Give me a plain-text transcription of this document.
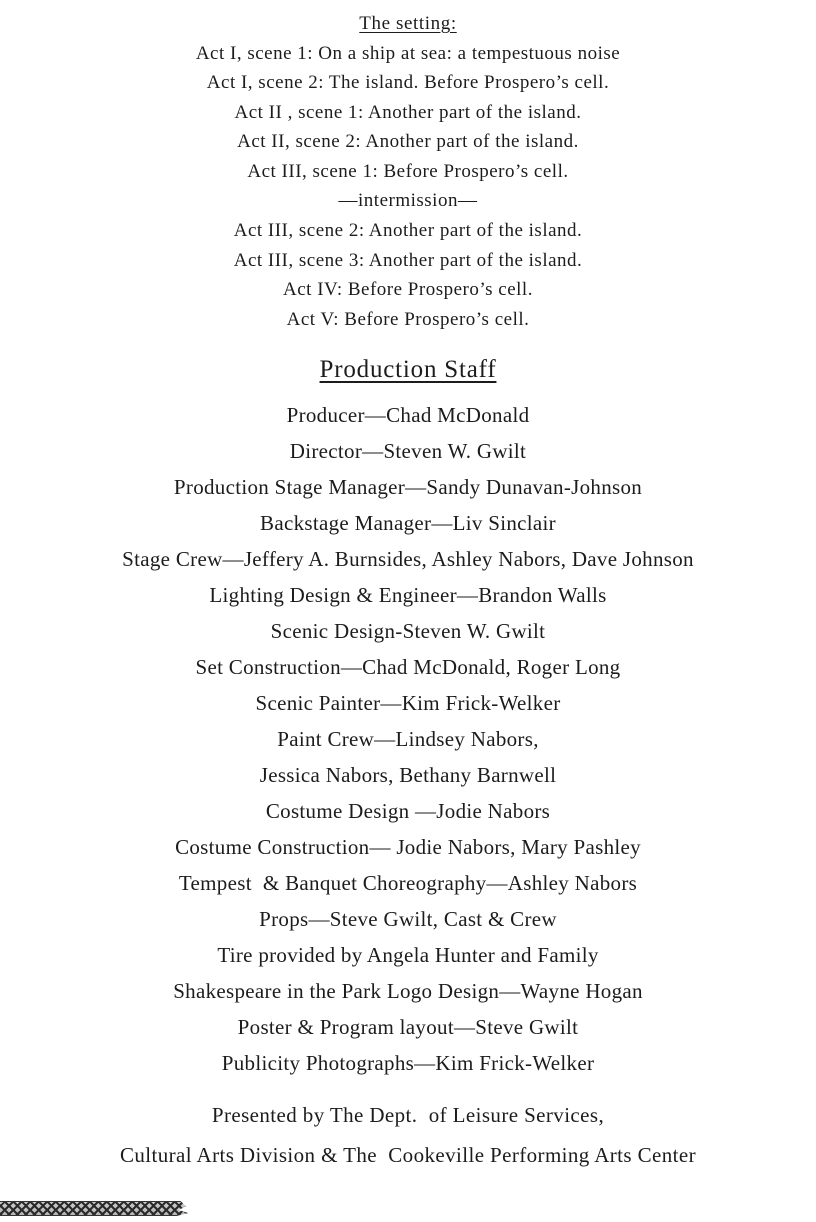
The setting:
Act I, scene 1: On a ship at sea: a tempestuous noise
Act I, scene 2: The island. Before Prospero’s cell.
Act II , scene 1: Another part of the island.
Act II, scene 2: Another part of the island.
Act III, scene 1: Before Prospero’s cell.
—intermission—
Act III, scene 2: Another part of the island.
Act III, scene 3: Another part of the island.
Act IV: Before Prospero’s cell.
Act V: Before Prospero’s cell.
Production Staff
Producer—Chad McDonald
Director—Steven W. Gwilt
Production Stage Manager—Sandy Dunavan-Johnson
Backstage Manager—Liv Sinclair
Stage Crew—Jeffery A. Burnsides, Ashley Nabors, Dave Johnson
Lighting Design & Engineer—Brandon Walls
Scenic Design-Steven W. Gwilt
Set Construction—Chad McDonald, Roger Long
Scenic Painter—Kim Frick-Welker
Paint Crew—Lindsey Nabors,
Jessica Nabors, Bethany Barnwell
Costume Design —Jodie Nabors
Costume Construction— Jodie Nabors, Mary Pashley
Tempest  & Banquet Choreography—Ashley Nabors
Props—Steve Gwilt, Cast & Crew
Tire provided by Angela Hunter and Family
Shakespeare in the Park Logo Design—Wayne Hogan
Poster & Program layout—Steve Gwilt
Publicity Photographs—Kim Frick-Welker
Presented by The Dept.  of Leisure Services,
Cultural Arts Division & The  Cookeville Performing Arts Center
